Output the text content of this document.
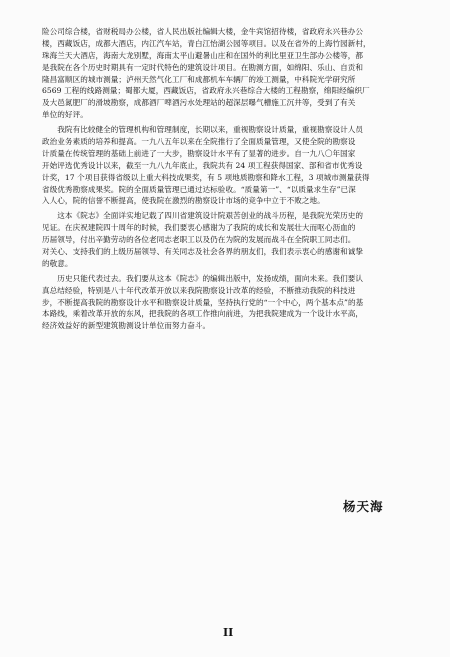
险公司综合楼，省财税局办公楼，省人民出版社编辑大楼，金牛宾馆招待楼，省政府永兴巷办公
楼，西藏饭店，成都大酒店，内江汽车站，青白江怡湖公园等项目。以及在省外的上海竹园新村，
珠海兰天大酒店，海南大龙别墅，海南太平山避暑山庄和在国外的利比里亚卫生部办公楼等，都
是我院在各个历史时期具有一定时代特色的建筑设计项目。在勘测方面，如绵阳、乐山、自贡和
隆昌富顺区的城市测量；泸州天然气化工厂和成都机车车辆厂的竣工测量，中科院光学研究所
6569 工程的线路测量；蜀都大厦，西藏饭店，省政府永兴巷综合大楼的工程勘察，绵阳经编织厂
及大邑氮肥厂的滑坡勘察，成都酒厂啤酒污水处理站的超深层曝气槽施工沉井等，受到了有关
单位的好评。
　　我院有比较健全的管理机构和管理制度，长期以来，重视勘察设计质量，重视勘察设计人员
政治业务素质的培养和提高。一九八五年以来在全院推行了全面质量管理，又使全院的勘察设
计质量在传统管理的基础上前进了一大步，勘察设计水平有了显著的进步。自一九八〇年国家
开始评选优秀设计以来，截至一九八九年底止，我院共有 24 项工程获得国家、部和省市优秀设
计奖，17 个项目获得省级以上重大科技成果奖，有 5 项地质勘察和降水工程，3 项城市测量获得
省级优秀勘察成果奖。院的全面质量管理已通过达标验收。“质量第一”、“以质量求生存”已深
入人心，院的信誉不断提高，使我院在激烈的勘察设计市场的竞争中立于不败之地。
　　这本《院志》全面详实地记载了四川省建筑设计院艰苦创业的战斗历程，是我院光荣历史的
见证。在庆祝建院四十周年的时候，我们要衷心感谢为了我院的成长和发展壮大而呕心沥血的
历届领导，付出辛勤劳动的各位老同志老职工以及仍在为院的发展而战斗在全院职工同志们。
对关心、支持我们的上级历届领导、有关同志及社会各界的朋友们，我们表示衷心的感谢和诚挚
的敬意。
　　历史只能代表过去。我们要从这本《院志》的编辑出版中，发扬成绩，面向未来。我们要认
真总结经验，特别是八十年代改革开放以来我院勘察设计改革的经验，不断推动我院的科技进
步，不断提高我院的勘察设计水平和勘察设计质量，坚持执行党的“一个中心，两个基本点”的基
本路线，乘着改革开放的东风，把我院的各项工作推向前进，为把我院建成为一个设计水平高，
经济效益好的新型建筑勘测设计单位而努力奋斗。
杨天海
II
